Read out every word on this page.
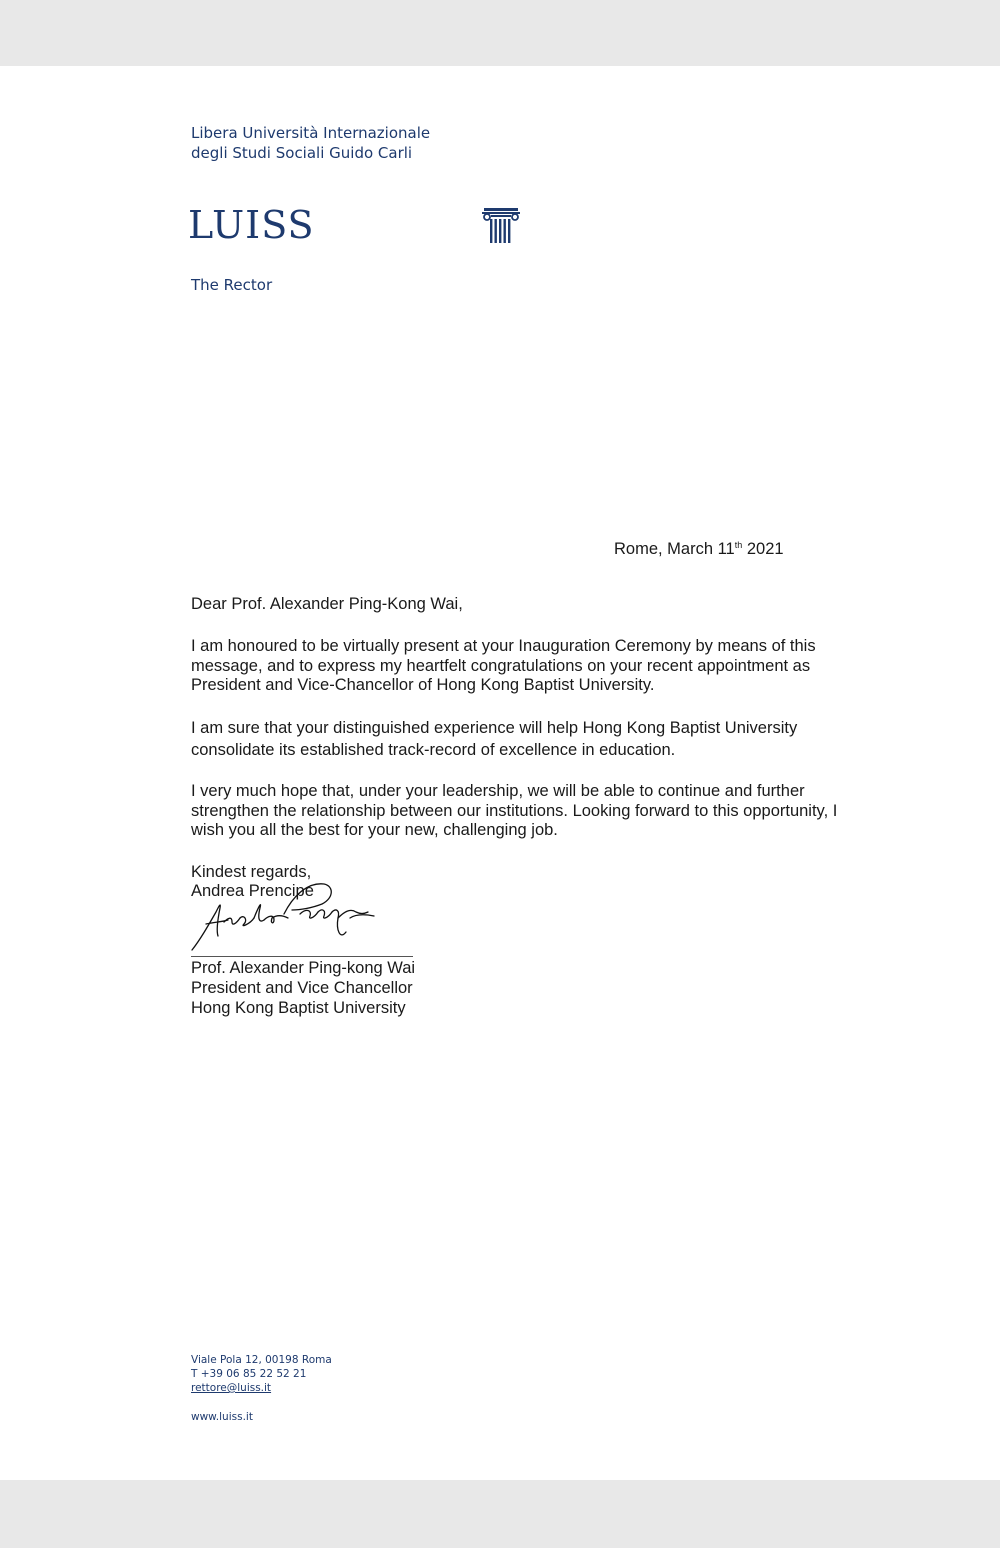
Libera Università Internazionale
degli Studi Sociali Guido Carli
LUISS
The Rector
Rome, March 11th 2021
Dear Prof. Alexander Ping-Kong Wai,
I am honoured to be virtually present at your Inauguration Ceremony by means of this
message, and to express my heartfelt congratulations on your recent appointment as
President and Vice-Chancellor of Hong Kong Baptist University.
I am sure that your distinguished experience will help Hong Kong Baptist University
consolidate its established track-record of excellence in education.
I very much hope that, under your leadership, we will be able to continue and further
strengthen the relationship between our institutions. Looking forward to this opportunity, I
wish you all the best for your new, challenging job.
Kindest regards,
Andrea Prencipe
Prof. Alexander Ping-kong Wai
President and Vice Chancellor
Hong Kong Baptist University
Viale Pola 12, 00198 Roma
T +39 06 85 22 52 21
rettore@luiss.it
www.luiss.it
